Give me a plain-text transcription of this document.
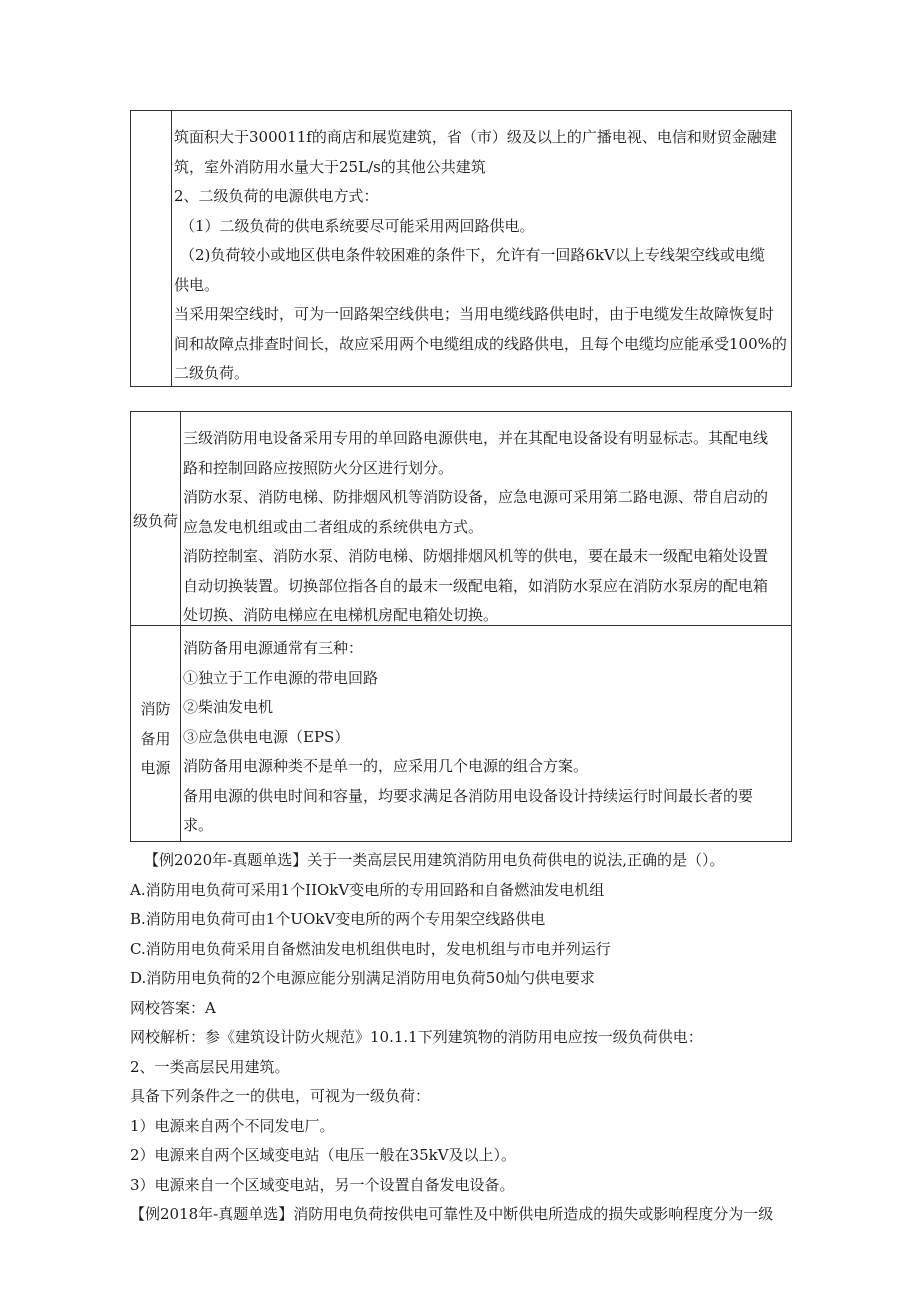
筑面积大于300011f的商店和展览建筑，省（市）级及以上的广播电视、电信和财贸金融建
筑，室外消防用水量大于25L/s的其他公共建筑
2、二级负荷的电源供电方式：
（1）二级负荷的供电系统要尽可能采用两回路供电。
（2)负荷较小或地区供电条件较困难的条件下，允许有一回路6kV以上专线架空线或电缆
供电。
当采用架空线时，可为一回路架空线供电；当用电缆线路供电时，由于电缆发生故障恢复时
间和故障点排查时间长，故应采用两个电缆组成的线路供电，且每个电缆均应能承受100%的
二级负荷。
级负荷
三级消防用电设备采用专用的单回路电源供电，并在其配电设备设有明显标志。其配电线
路和控制回路应按照防火分区进行划分。
消防水泵、消防电梯、防排烟风机等消防设备，应急电源可采用第二路电源、带自启动的
应急发电机组或由二者组成的系统供电方式。
消防控制室、消防水泵、消防电梯、防烟排烟风机等的供电，要在最末一级配电箱处设置
自动切换装置。切换部位指各自的最末一级配电箱，如消防水泵应在消防水泵房的配电箱
处切换、消防电梯应在电梯机房配电箱处切换。
消防
备用
电源
消防备用电源通常有三种：
①独立于工作电源的带电回路
②柴油发电机
③应急供电电源（EPS）
消防备用电源种类不是单一的，应采用几个电源的组合方案。
备用电源的供电时间和容量，均要求满足各消防用电设备设计持续运行时间最长者的要
求。
【例2020年-真题单选】关于一类高层民用建筑消防用电负荷供电的说法,正确的是（）。
A.消防用电负荷可采用1个IIOkV变电所的专用回路和自备燃油发电机组
B.消防用电负荷可由1个UOkV变电所的两个专用架空线路供电
C.消防用电负荷采用自备燃油发电机组供电时，发电机组与市电并列运行
D.消防用电负荷的2个电源应能分别满足消防用电负荷50灿勺供电要求
网校答案：A
网校解析：参《建筑设计防火规范》10.1.1下列建筑物的消防用电应按一级负荷供电：
2、一类高层民用建筑。
具备下列条件之一的供电，可视为一级负荷：
1）电源来自两个不同发电厂。
2）电源来自两个区域变电站（电压一般在35kV及以上）。
3）电源来自一个区域变电站，另一个设置自备发电设备。
【例2018年-真题单选】消防用电负荷按供电可靠性及中断供电所造成的损失或影响程度分为一级
